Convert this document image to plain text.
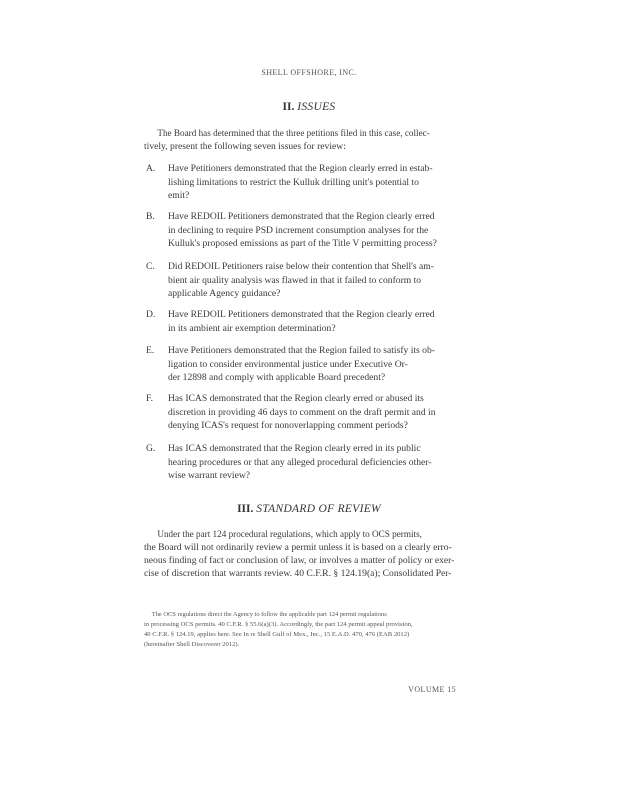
SHELL OFFSHORE, INC.
II. ISSUES

The Board has determined that the three petitions filed in this case, collec-
tively, present the following seven issues for review:

A. Have Petitioners demonstrated that the Region clearly erred in estab-
lishing limitations to restrict the Kulluk drilling unit's potential to
emit?
B. Have REDOIL Petitioners demonstrated that the Region clearly erred
in declining to require PSD increment consumption analyses for the
Kulluk's proposed emissions as part of the Title V permitting process?
C. Did REDOIL Petitioners raise below their contention that Shell's am-
bient air quality analysis was flawed in that it failed to conform to
applicable Agency guidance?
D. Have REDOIL Petitioners demonstrated that the Region clearly erred
in its ambient air exemption determination?
E. Have Petitioners demonstrated that the Region failed to satisfy its ob-
ligation to consider environmental justice under Executive Or-
der 12898 and comply with applicable Board precedent?
F. Has ICAS demonstrated that the Region clearly erred or abused its
discretion in providing 46 days to comment on the draft permit and in
denying ICAS's request for nonoverlapping comment periods?
G. Has ICAS demonstrated that the Region clearly erred in its public
hearing procedures or that any alleged procedural deficiencies other-
wise warrant review?
III. STANDARD OF REVIEW

Under the part 124 procedural regulations, which apply to OCS permits,
the Board will not ordinarily review a permit unless it is based on a clearly erro-
neous finding of fact or conclusion of law, or involves a matter of policy or exer-
cise of discretion that warrants review. 40 C.F.R. § 124.19(a); Consolidated Per-

The OCS regulations direct the Agency to follow the applicable part 124 permit regulations
in processing OCS permits. 40 C.F.R. § 55.6(a)(3). Accordingly, the part 124 permit appeal provision,
40 C.F.R. § 124.19, applies here. See In re Shell Gulf of Mex., Inc., 15 E.A.D. 470, 476 (EAB 2012)
(hereinafter Shell Discoverer 2012).
VOLUME 15
